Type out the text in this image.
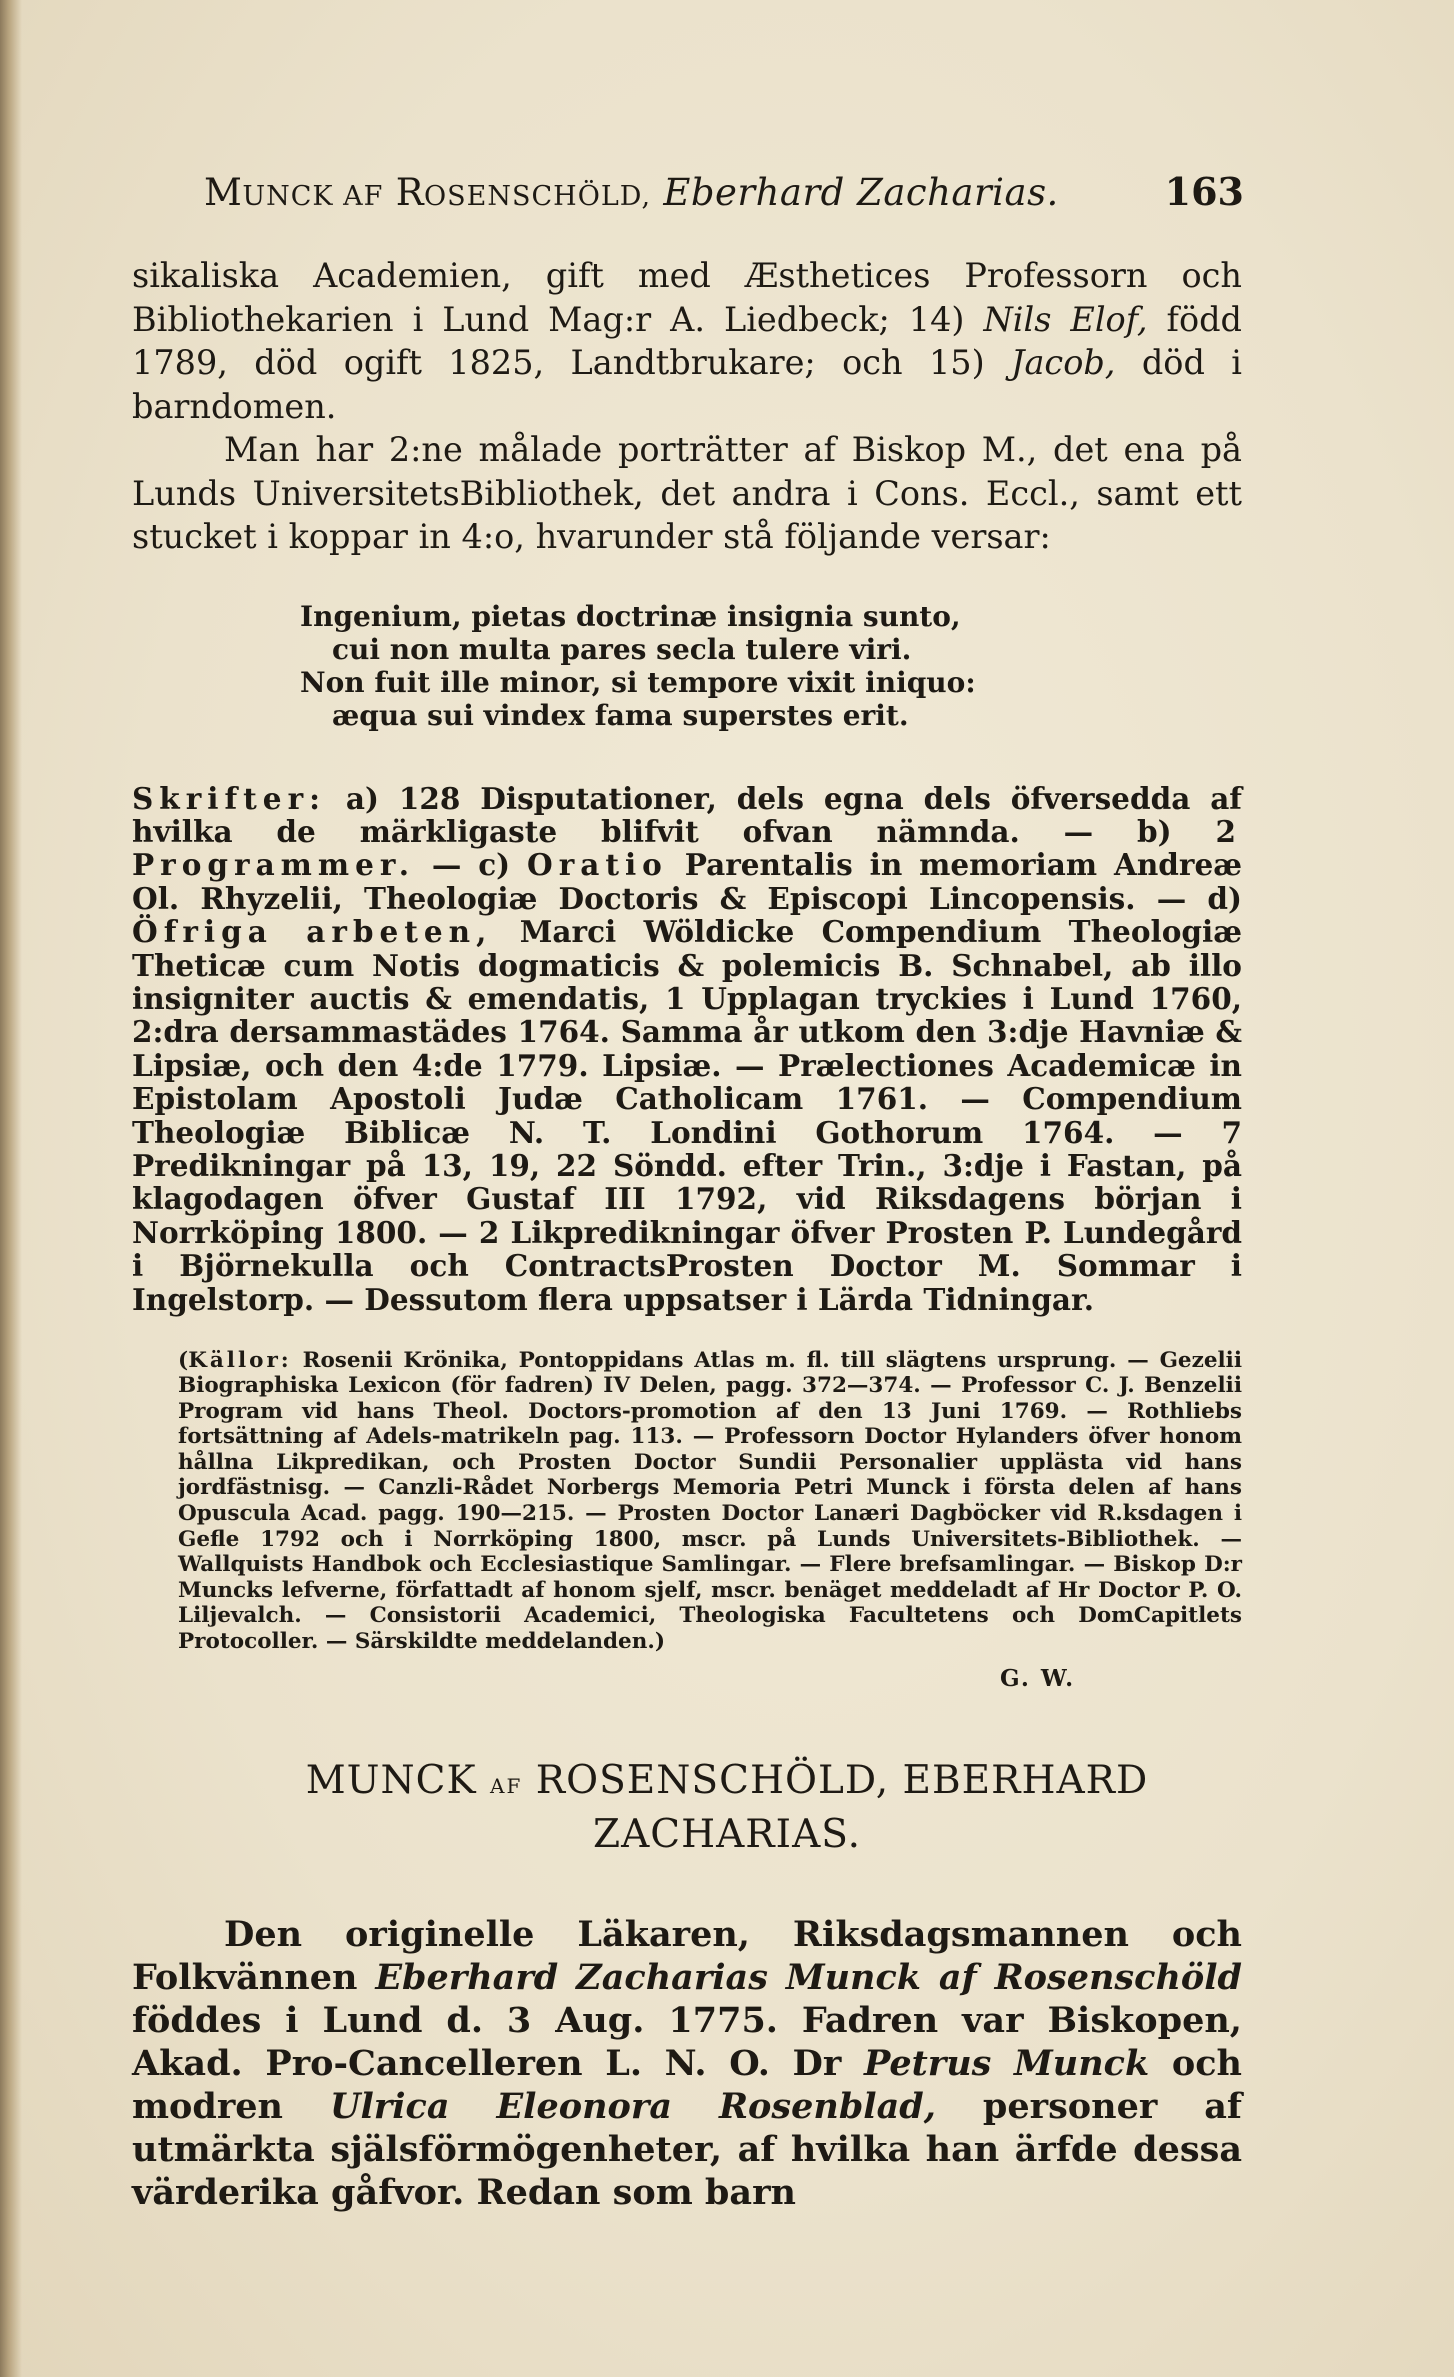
MUNCK AF ROSENSCHÖLD, Eberhard Zacharias.	163

sikaliska Academien, gift med Æsthetices Professorn och Bibliothekarien i Lund Mag:r A. Liedbeck; 14) Nils Elof, född 1789, död ogift 1825, Landtbrukare; och 15) Jacob, död i barndomen.

Man har 2:ne målade porträtter af Biskop M., det ena på Lunds UniversitetsBibliothek, det andra i Cons. Eccl., samt ett stucket i koppar in 4:o, hvarunder stå följande versar:

Ingenium, pietas doctrinæ insignia sunto,
cui non multa pares secla tulere viri.
Non fuit ille minor, si tempore vixit iniquo:
æqua sui vindex fama superstes erit.

Skrifter: a) 128 Disputationer, dels egna dels öfversedda af hvilka de märkligaste blifvit ofvan nämnda. — b) 2 Programmer. — c) Oratio Parentalis in memoriam Andreæ Ol. Rhyzelii, Theologiæ Doctoris & Episcopi Lincopensis. — d) Öfriga arbeten, Marci Wöldicke Compendium Theologiæ Theticæ cum Notis dogmaticis & polemicis B. Schnabel, ab illo insigniter auctis & emendatis, 1 Upplagan tryckies i Lund 1760, 2:dra dersammastädes 1764. Samma år utkom den 3:dje Havniæ & Lipsiæ, och den 4:de 1779. Lipsiæ. — Prælectiones Academicæ in Epistolam Apostoli Judæ Catholicam 1761. — Compendium Theologiæ Biblicæ N. T. Londini Gothorum 1764. — 7 Predikningar på 13, 19, 22 Söndd. efter Trin., 3:dje i Fastan, på klagodagen öfver Gustaf III 1792, vid Riksdagens början i Norrköping 1800. — 2 Likpredikningar öfver Prosten P. Lundegård i Björnekulla och ContractsProsten Doctor M. Sommar i Ingelstorp. — Dessutom flera uppsatser i Lärda Tidningar.

(Källor: Rosenii Krönika, Pontoppidans Atlas m. fl. till slägtens ursprung. — Gezelii Biographiska Lexicon (för fadren) IV Delen, pagg. 372—374. — Professor C. J. Benzelii Program vid hans Theol. Doctors-promotion af den 13 Juni 1769. — Rothliebs fortsättning af Adels-matrikeln pag. 113. — Professorn Doctor Hylanders öfver honom hållna Likpredikan, och Prosten Doctor Sundii Personalier upplästa vid hans jordfästnisg. — Canzli-Rådet Norbergs Memoria Petri Munck i första delen af hans Opuscula Acad. pagg. 190—215. — Prosten Doctor Lanæri Dagböcker vid R.ksdagen i Gefle 1792 och i Norrköping 1800, mscr. på Lunds Universitets-Bibliothek. — Wallquists Handbok och Ecclesiastique Samlingar. — Flere brefsamlingar. — Biskop D:r Muncks lefverne, författadt af honom sjelf, mscr. benäget meddeladt af Hr Doctor P. O. Liljevalch. — Consistorii Academici, Theologiska Facultetens och DomCapitlets Protocoller. — Särskildte meddelanden.)

G. W.
MUNCK AF ROSENSCHÖLD, EBERHARD
ZACHARIAS.

Den originelle Läkaren, Riksdagsmannen och Folkvännen Eberhard Zacharias Munck af Rosenschöld föddes i Lund d. 3 Aug. 1775. Fadren var Biskopen, Akad. Pro-Cancelleren L. N. O. Dr Petrus Munck och modren Ulrica Eleonora Rosenblad, personer af utmärkta själsförmögenheter, af hvilka han ärfde dessa värderika gåfvor. Redan som barn
